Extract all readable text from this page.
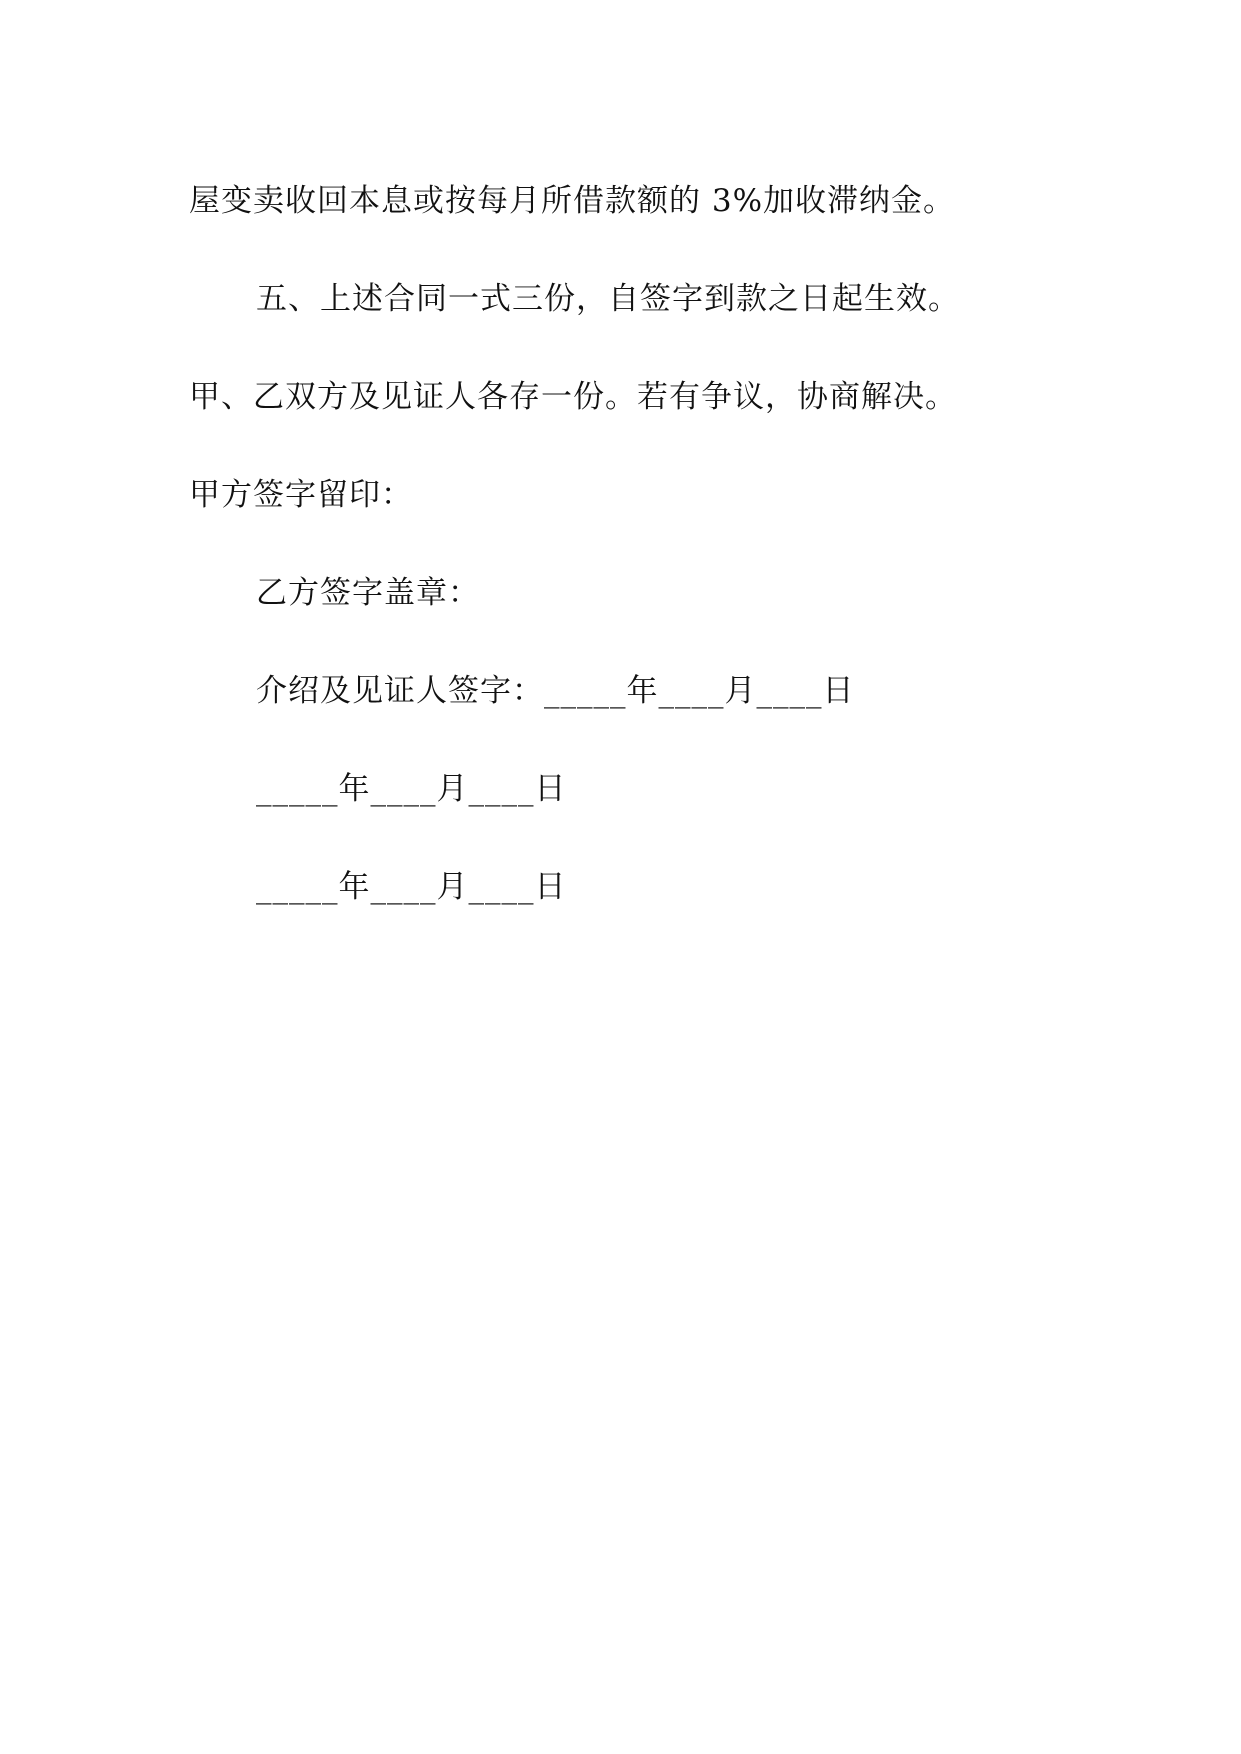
屋变卖收回本息或按每月所借款额的 3%加收滞纳金。
五、上述合同一式三份，自签字到款之日起生效。
甲、乙双方及见证人各存一份。若有争议，协商解决。
甲方签字留印：
乙方签字盖章：
介绍及见证人签字：_____年____月____日
_____年____月____日
_____年____月____日
